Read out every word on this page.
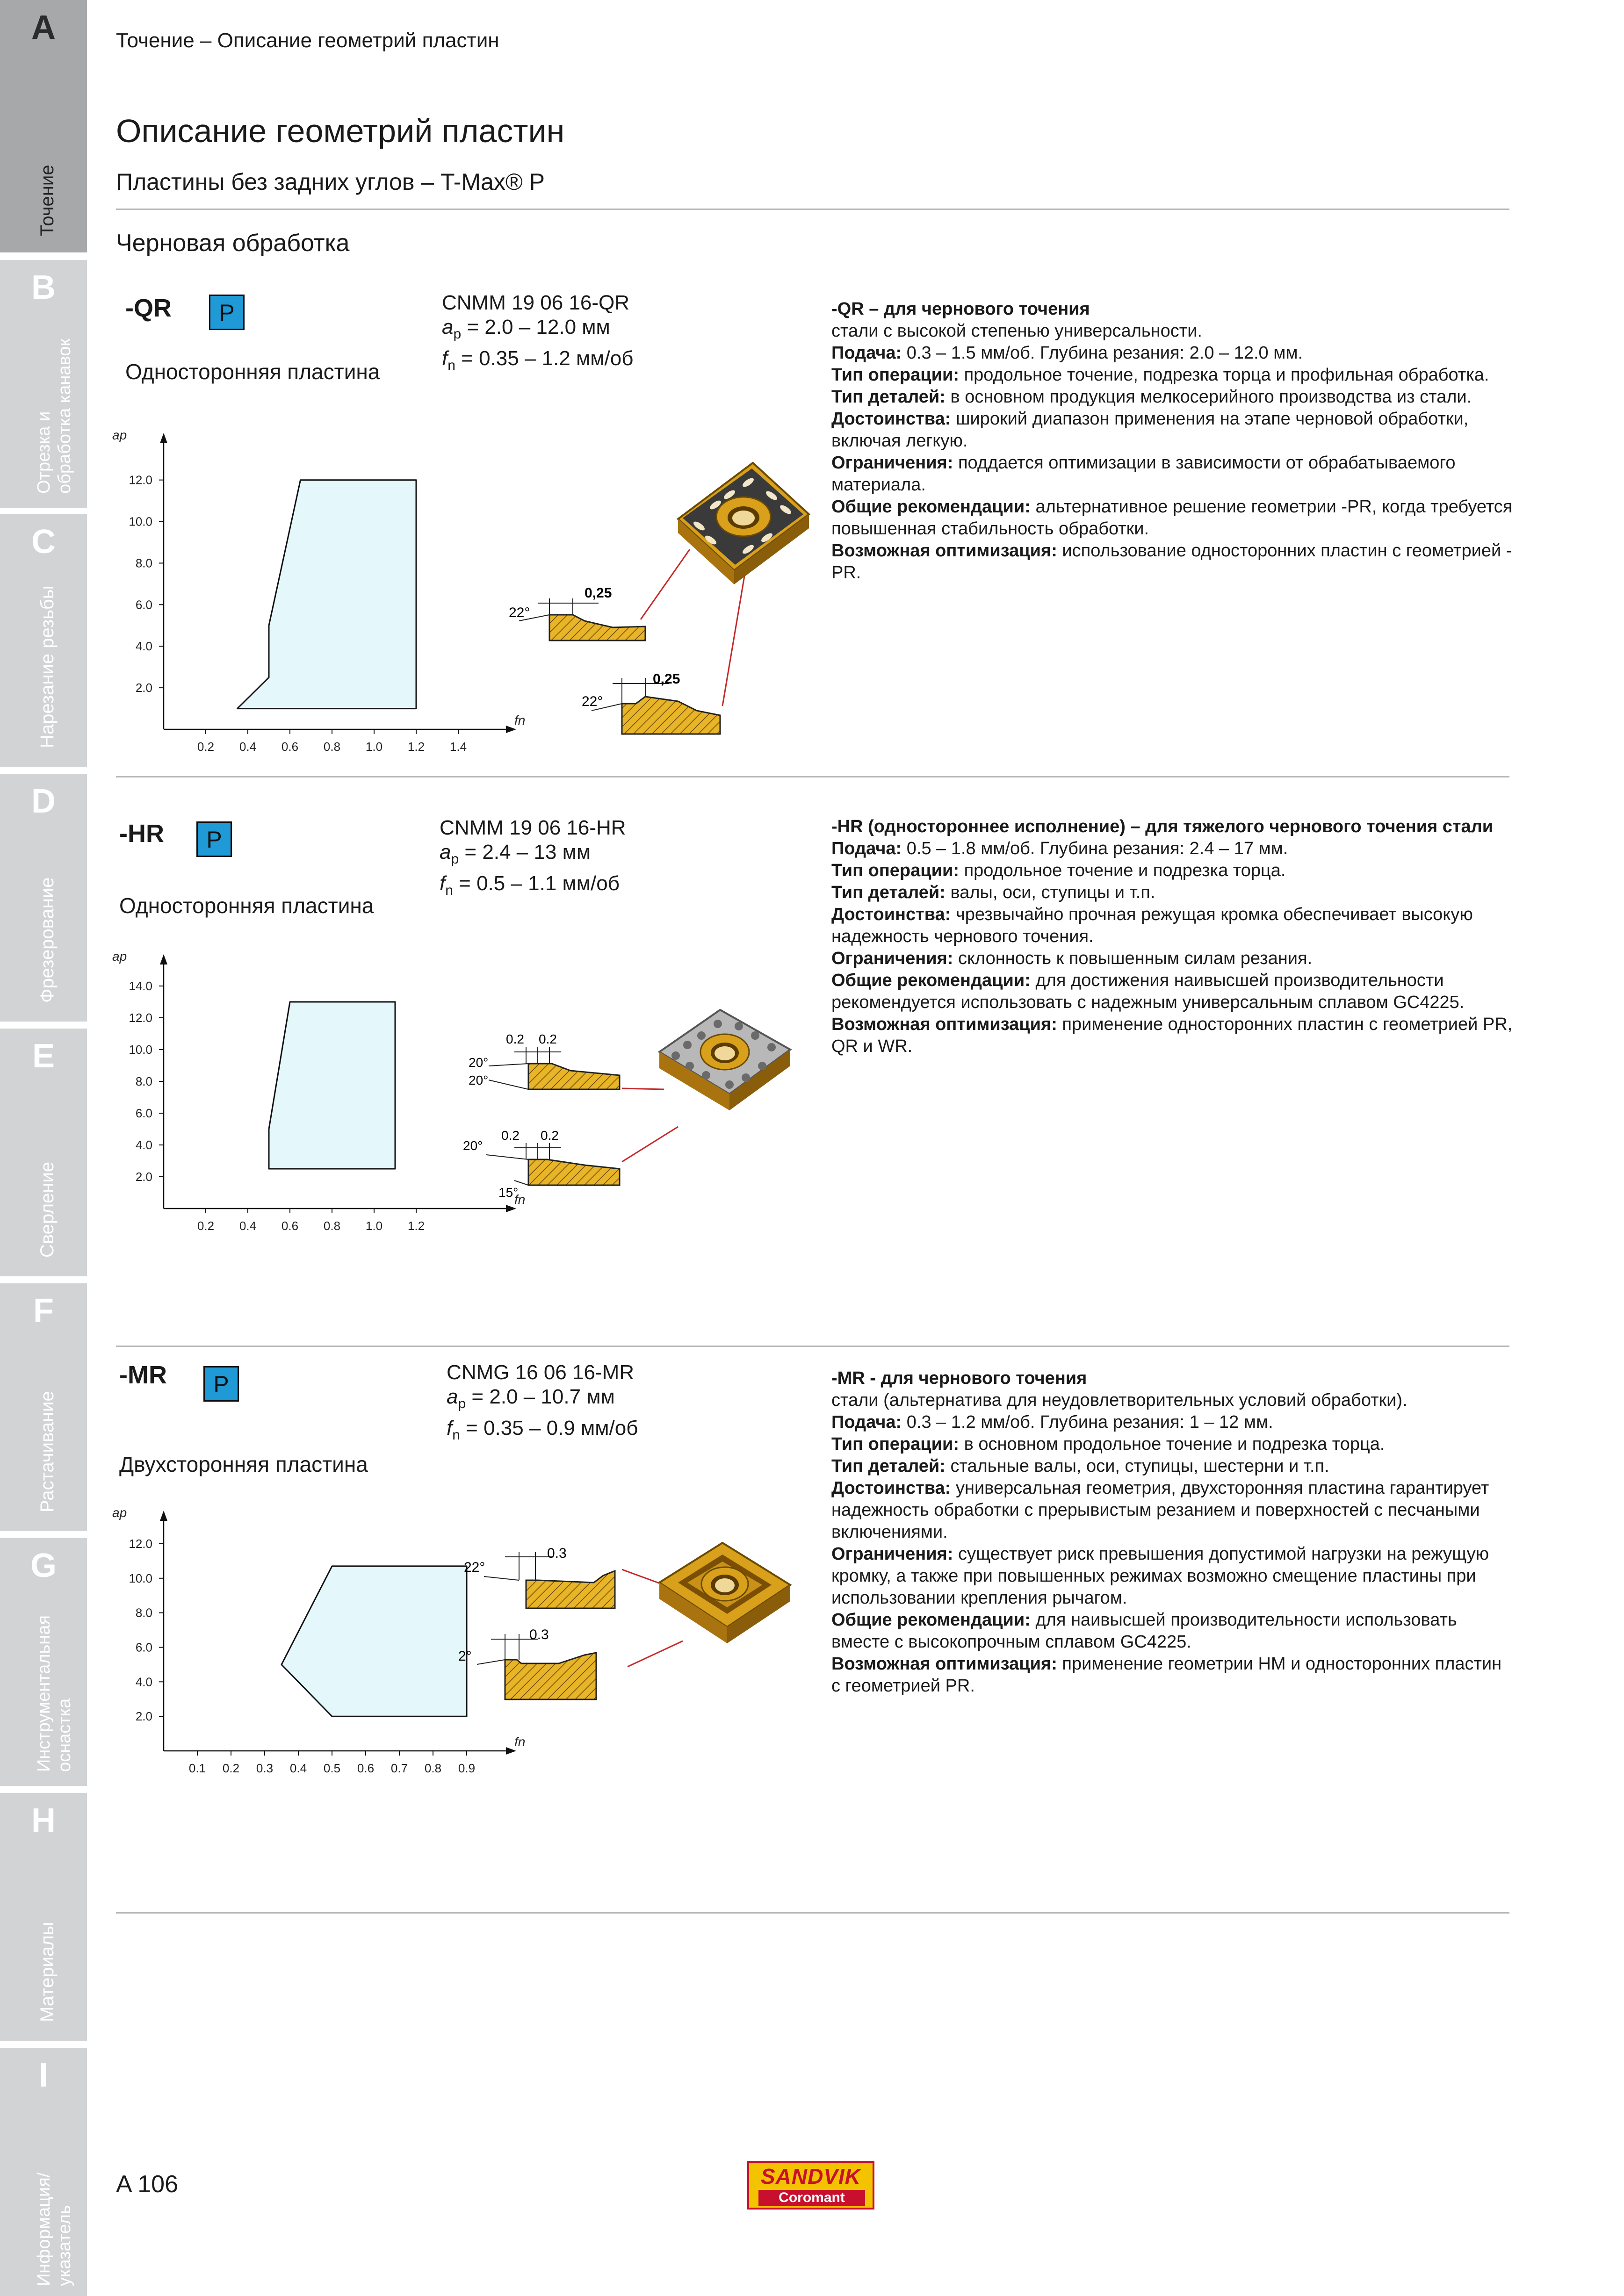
A
Точение
B
Отрезка и
обработка канавок
C
Нарезание резьбы
D
Фрезерование
E
Сверление
F
Растачивание
G
Инструментальная
оснастка
H
Материалы
I
Информация/
указатель
Точение – Описание геометрий пластин
Описание геометрий пластин
Пластины без задних углов – T-Max® P
Черновая обработка
-QR	P
Односторонняя пластина
CNMM 19 06 16-QR
$a_p = 2.0 - 12.0$ мм
$f_n = 0.35 - 1.2$ мм/об
0.2 0.4 0.6 0.8 1.0 1.2 1.4
2.0
4.0
6.0
8.0
10.0
12.0
ap
fn
0,25
22°
0,25
22°
-QR – для чернового точения
стали с высокой степенью универсальности.
Подача: 0.3 – 1.5 мм/об. Глубина резания: 2.0 – 12.0 мм.
Тип операции: продольное точение, подрезка торца и профильная обработка.
Тип деталей: в основном продукция мелкосерийного производства из стали.
Достоинства: широкий диапазон применения на этапе черновой обработки, включая легкую.
Ограничения: поддается оптимизации в зависимости от обрабатываемого материала.
Общие рекомендации: альтернативное решение геометрии -PR, когда требуется повышенная стабильность обработки.
Возможная оптимизация: использование односторонних пластин с геометрией -PR.
-HR	P
Односторонняя пластина
CNMM 19 06 16-HR
$a_p = 2.4 - 13$ мм
$f_n = 0.5 - 1.1$ мм/об
0.2 0.4 0.6 0.8 1.0 1.2
2.0
4.0
6.0
8.0
10.0
12.0
14.0
ap
fn
0.2 0.2
20°
20°
0.2 0.2
20°
15°
-HR (одностороннее исполнение) – для тяжелого чернового точения стали
Подача: 0.5 – 1.8 мм/об. Глубина резания: 2.4 – 17 мм.
Тип операции: продольное точение и подрезка торца.
Тип деталей: валы, оси, ступицы и т.п.
Достоинства: чрезвычайно прочная режущая кромка обеспечивает высокую надежность чернового точения.
Ограничения: склонность к повышенным силам резания.
Общие рекомендации: для достижения наивысшей производительности рекомендуется использовать с надежным универсальным сплавом GC4225.
Возможная оптимизация: применение односторонних пластин с геометрией PR, QR и WR.
-MR	P
Двухсторонняя пластина
CNMG 16 06 16-MR
$a_p = 2.0 - 10.7$ мм
$f_n = 0.35 - 0.9$ мм/об
0.1 0.2 0.3 0.4 0.5 0.6 0.7 0.8 0.9
2.0
4.0
6.0
8.0
10.0
12.0
ap
fn
0.3
22°
0.3
2°
-MR - для чернового точения
стали (альтернатива для неудовлетворительных условий обработки).
Подача: 0.3 – 1.2 мм/об. Глубина резания: 1 – 12 мм.
Тип операции: в основном продольное точение и подрезка торца.
Тип деталей: стальные валы, оси, ступицы, шестерни и т.п.
Достоинства: универсальная геометрия, двухсторонняя пластина гарантирует надежность обработки с прерывистым резанием и поверхностей с песчаными включениями.
Ограничения: существует риск превышения допустимой нагрузки на режущую кромку, а также при повышенных режимах возможно смещение пластины при использовании крепления рычагом.
Общие рекомендации: для наивысшей производительности использовать вместе с высокопрочным сплавом GC4225.
Возможная оптимизация: применение геометрии HM и односторонних пластин с геометрией PR.
A 106	SANDVIK
Coromant
